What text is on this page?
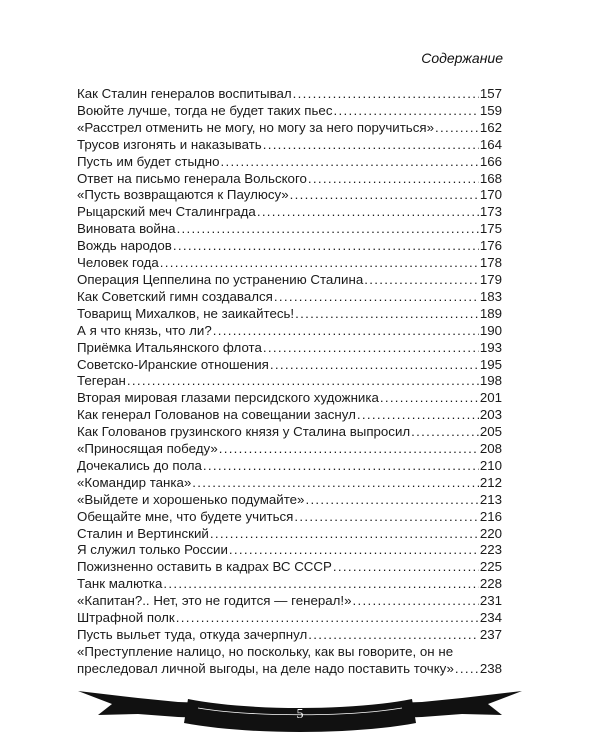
Содержание
Как Сталин генералов воспитывал . . .	157
Воюйте лучше, тогда не будет таких пьес . . .	159
«Расстрел отменить не могу, но могу за него поручиться» . . .	162
Трусов изгонять и наказывать . . .	164
Пусть им будет стыдно . . .	166
Ответ на письмо генерала Вольского . . .	168
«Пусть возвращаются к Паулюсу» . . .	170
Рыцарский меч Сталинграда . . .	173
Виновата война . . .	175
Вождь народов . . .	176
Человек года . . .	178
Операция Цеппелина по устранению Сталина . . .	179
Как Советский гимн создавался . . .	183
Товарищ Михалков, не заикайтесь! . . .	189
А я что князь, что ли? . . .	190
Приёмка Итальянского флота . . .	193
Советско-Иранские отношения . . .	195
Тегеран . . .	198
Вторая мировая глазами персидского художника . . .	201
Как генерал Голованов на совещании заснул . . .	203
Как Голованов грузинского князя у Сталина выпросил . . .	205
«Приносящая победу» . . .	208
Дочекались до пола . . .	210
«Командир танка» . . .	212
«Выйдете и хорошенько подумайте» . . .	213
Обещайте мне, что будете учиться . . .	216
Сталин и Вертинский . . .	220
Я служил только России . . .	223
Пожизненно оставить в кадрах ВС СССР . . .	225
Танк малютка . . .	228
«Капитан?.. Нет, это не годится — генерал!» . . .	231
Штрафной полк . . .	234
Пусть выльет туда, откуда зачерпнул . . .	237
«Преступление налицо, но поскольку, как вы говорите, он не
преследовал личной выгоды, на деле надо поставить точку» . . . 238
5
